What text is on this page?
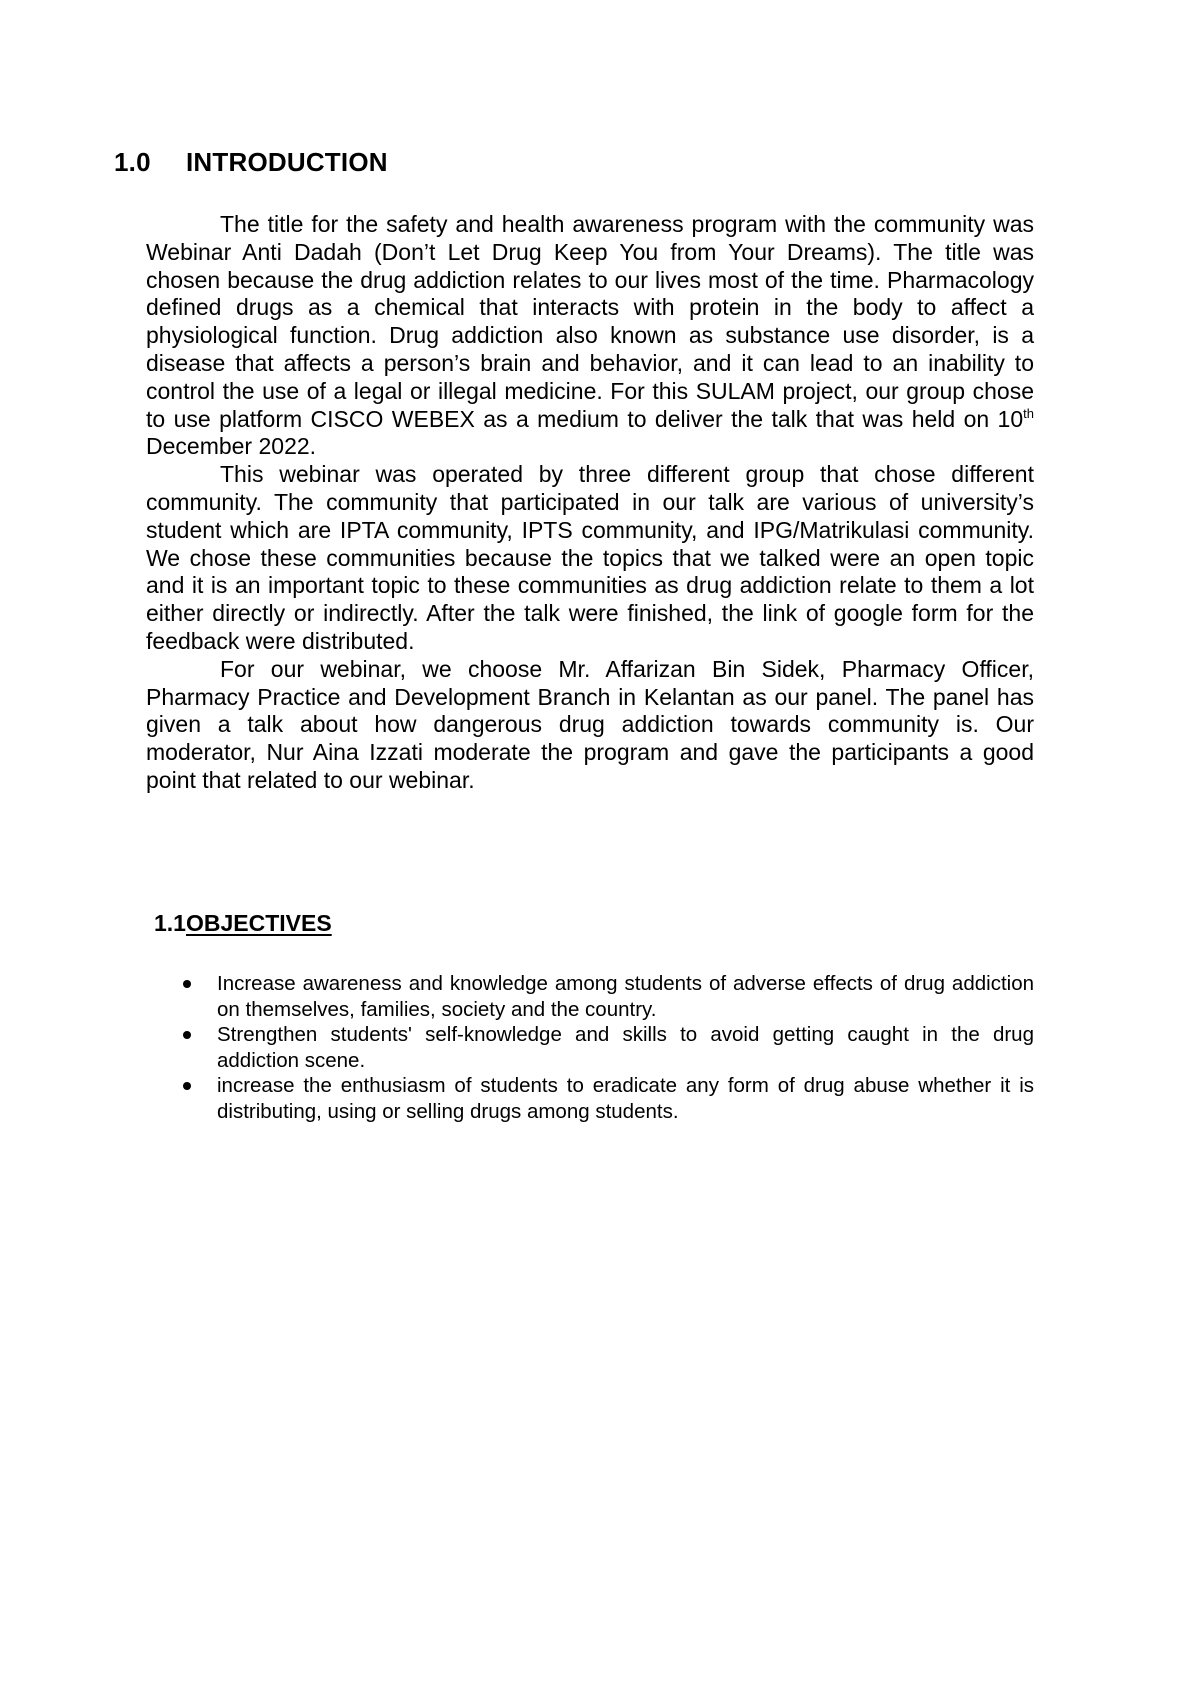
1.0 INTRODUCTION

The title for the safety and health awareness program with the community was Webinar Anti Dadah (Don’t Let Drug Keep You from Your Dreams). The title was chosen because the drug addiction relates to our lives most of the time. Pharmacology defined drugs as a chemical that interacts with protein in the body to affect a physiological function. Drug addiction also known as substance use disorder, is a disease that affects a person’s brain and behavior, and it can lead to an inability to control the use of a legal or illegal medicine. For this SULAM project, our group chose to use platform CISCO WEBEX as a medium to deliver the talk that was held on 10th December 2022.

This webinar was operated by three different group that chose different community. The community that participated in our talk are various of university’s student which are IPTA community, IPTS community, and IPG/Matrikulasi community. We chose these communities because the topics that we talked were an open topic and it is an important topic to these communities as drug addiction relate to them a lot either directly or indirectly. After the talk were finished, the link of google form for the feedback were distributed.

For our webinar, we choose Mr. Affarizan Bin Sidek, Pharmacy Officer, Pharmacy Practice and Development Branch in Kelantan as our panel. The panel has given a talk about how dangerous drug addiction towards community is. Our moderator, Nur Aina Izzati moderate the program and gave the participants a good point that related to our webinar.

1.1OBJECTIVES
Increase awareness and knowledge among students of adverse effects of drug addiction on themselves, families, society and the country.
Strengthen students' self-knowledge and skills to avoid getting caught in the drug addiction scene.
increase the enthusiasm of students to eradicate any form of drug abuse whether it is distributing, using or selling drugs among students.
